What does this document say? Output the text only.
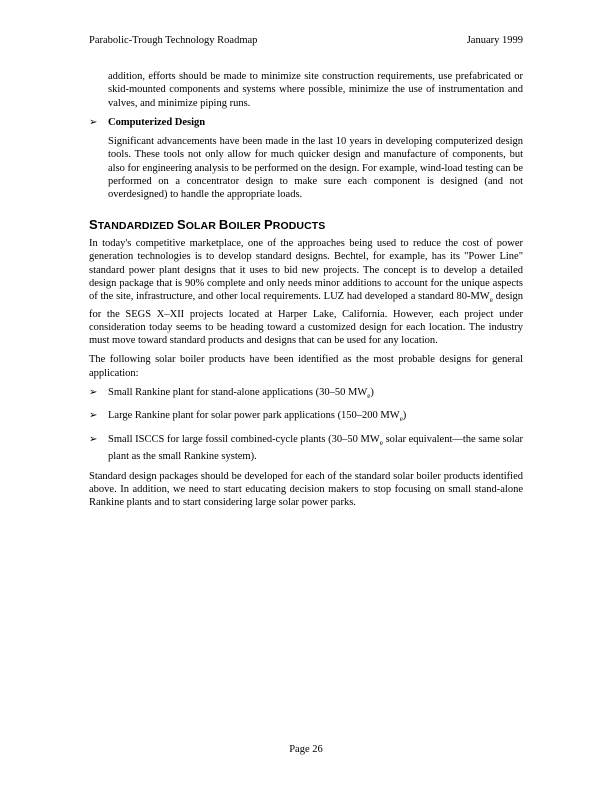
Parabolic-Trough Technology Roadmap	January 1999

addition, efforts should be made to minimize site construction requirements, use prefabricated or skid-mounted components and systems where possible, minimize the use of instrumentation and valves, and minimize piping runs.

➢ Computerized Design

Significant advancements have been made in the last 10 years in developing computerized design tools. These tools not only allow for much quicker design and manufacture of components, but also for engineering analysis to be performed on the design. For example, wind-load testing can be performed on a concentrator design to make sure each component is designed (and not overdesigned) to handle the appropriate loads.

STANDARDIZED SOLAR BOILER PRODUCTS

In today's competitive marketplace, one of the approaches being used to reduce the cost of power generation technologies is to develop standard designs. Bechtel, for example, has its "Power Line" standard power plant designs that it uses to bid new projects. The concept is to develop a detailed design package that is 90% complete and only needs minor additions to account for the unique aspects of the site, infrastructure, and other local requirements. LUZ had developed a standard $80-MW_e$ design for the SEGS X–XII projects located at Harper Lake, California. However, each project under consideration today seems to be heading toward a customized design for each location. The industry must move toward standard products and designs that can be used for any location.

The following solar boiler products have been identified as the most probable designs for general application:

➢ Small Rankine plant for stand-alone applications (30–50 $MW_e$)

➢ Large Rankine plant for solar power park applications (150–200 $MW_e$)

➢ Small ISCCS for large fossil combined-cycle plants (30–50 $MW_e$ solar equivalent—the same solar plant as the small Rankine system).

Standard design packages should be developed for each of the standard solar boiler products identified above. In addition, we need to start educating decision makers to stop focusing on small stand-alone Rankine plants and to start considering large solar power parks.

Page 26
